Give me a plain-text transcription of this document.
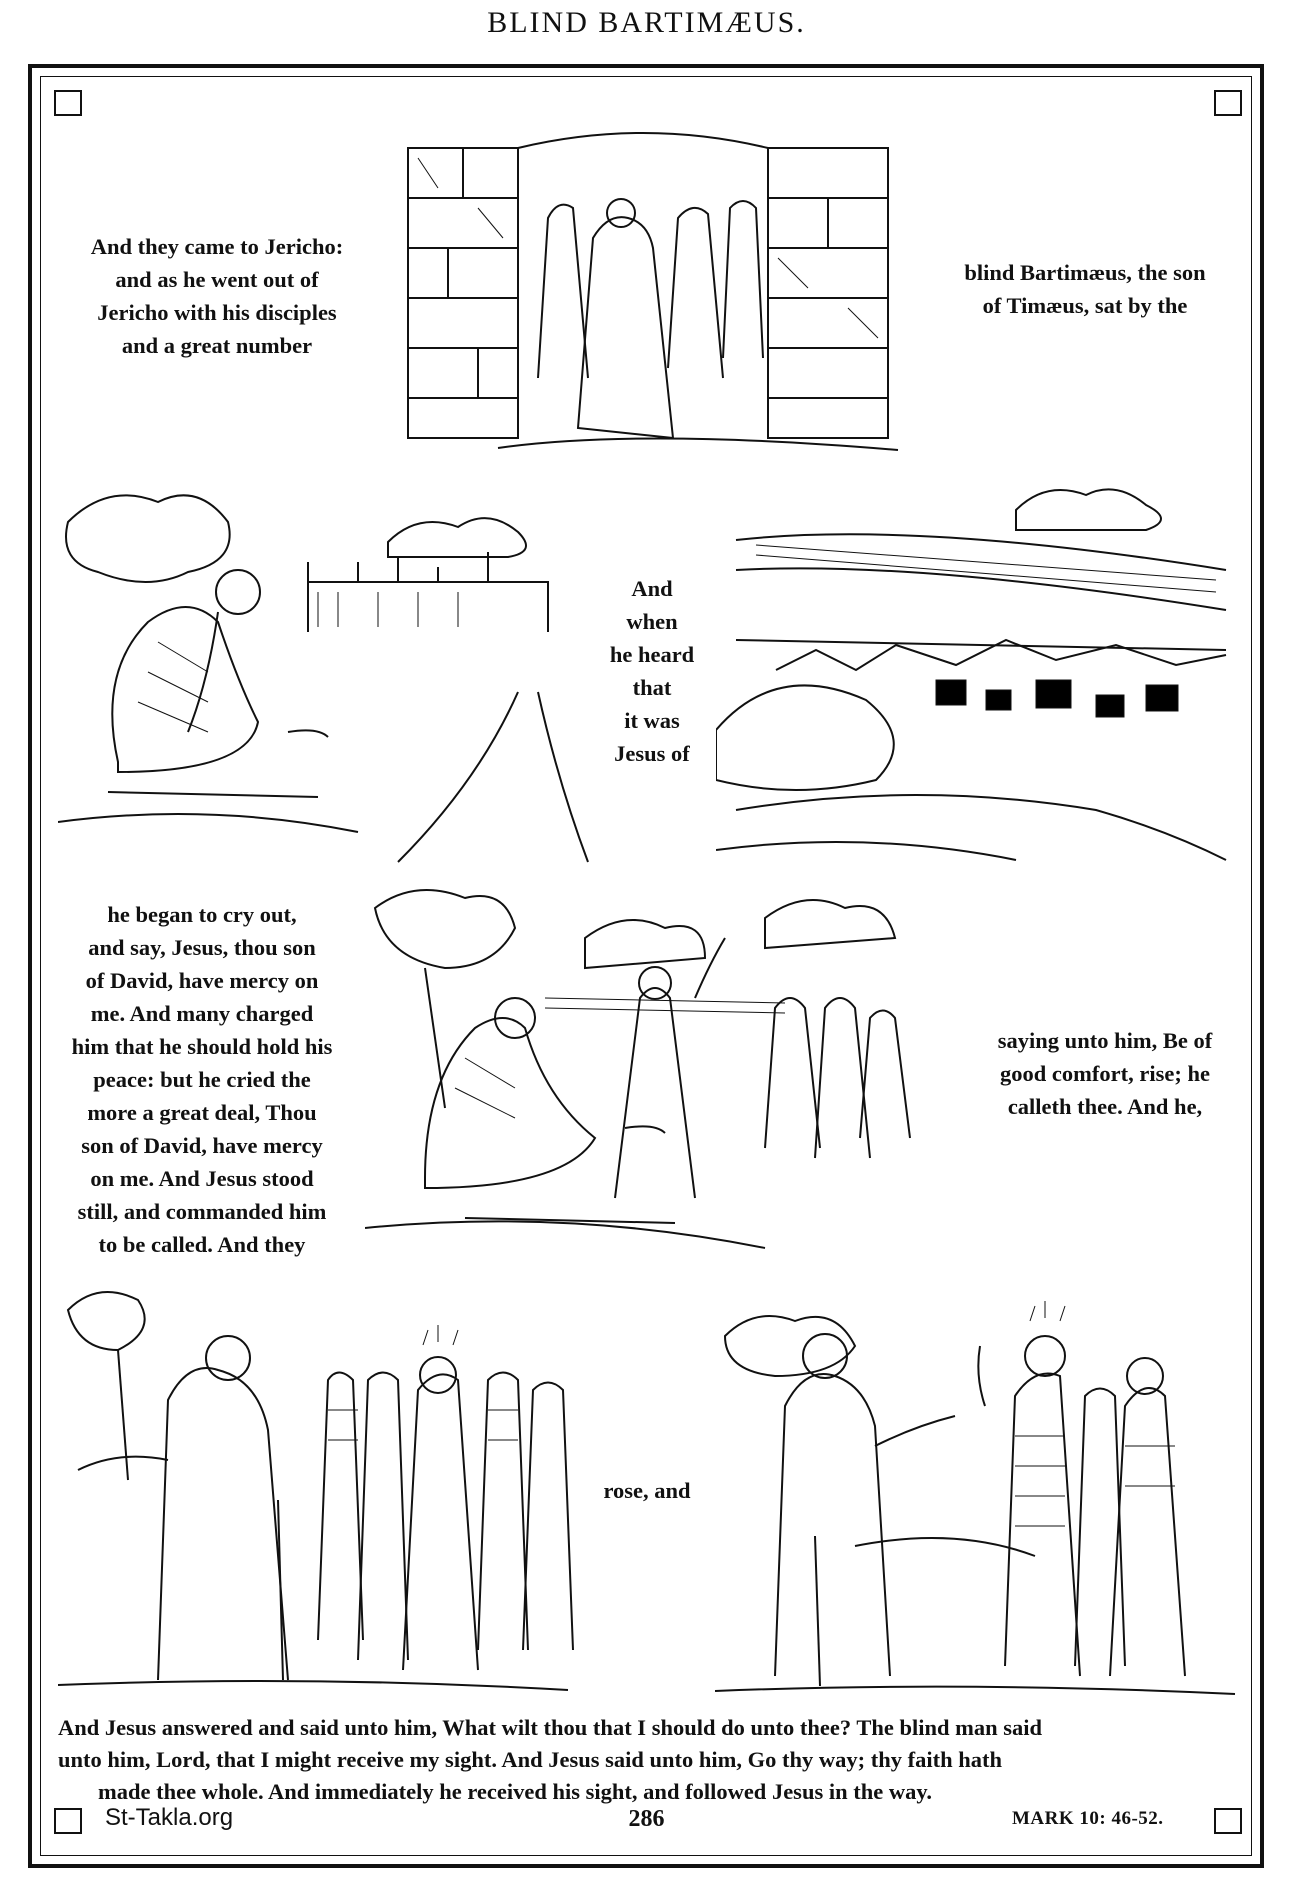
BLIND BARTIMÆUS.
And they came to Jericho:
and as he went out of
Jericho with his disciples
and a great number
blind Bartimæus, the son
of Timæus, sat by the
And
when
he heard
that
it was
Jesus of
he began to cry out,
and say, Jesus, thou son
of David, have mercy on
me. And many charged
him that he should hold his
peace: but he cried the
more a great deal, Thou
son of David, have mercy
on me. And Jesus stood
still, and commanded him
to be called. And they
saying unto him, Be of
good comfort, rise; he
calleth thee. And he,
rose, and
And Jesus answered and said unto him, What wilt thou that I should do unto thee? The blind man said
unto him, Lord, that I might receive my sight. And Jesus said unto him, Go thy way; thy faith hath
made thee whole. And immediately he received his sight, and followed Jesus in the way.
St-Takla.org	286	MARK 10: 46-52.
